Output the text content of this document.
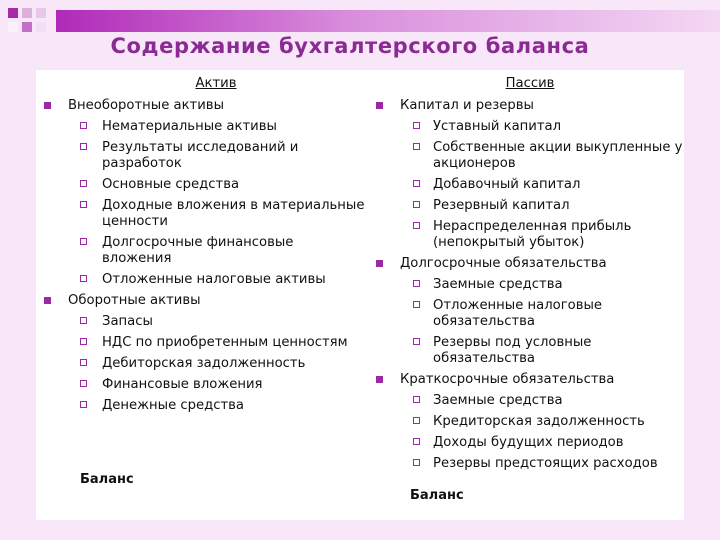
Содержание бухгалтерского баланса
Актив
Внеоборотные активы
Нематериальные активы
Результаты исследований и разработок
Основные средства
Доходные вложения в материальные ценности
Долгосрочные финансовые вложения
Отложенные налоговые активы
Оборотные активы
Запасы
НДС по приобретенным ценностям
Дебиторская задолженность
Финансовые вложения
Денежные средства
Пассив
Капитал и резервы
Уставный капитал
Собственные акции выкупленные у акционеров
Добавочный капитал
Резервный капитал
Нераспределенная прибыль (непокрытый убыток)
Долгосрочные обязательства
Заемные средства
Отложенные налоговые обязательства
Резервы под условные обязательства
Краткосрочные обязательства
Заемные средства
Кредиторская задолженность
Доходы будущих периодов
Резервы предстоящих расходов
Баланс
Баланс
